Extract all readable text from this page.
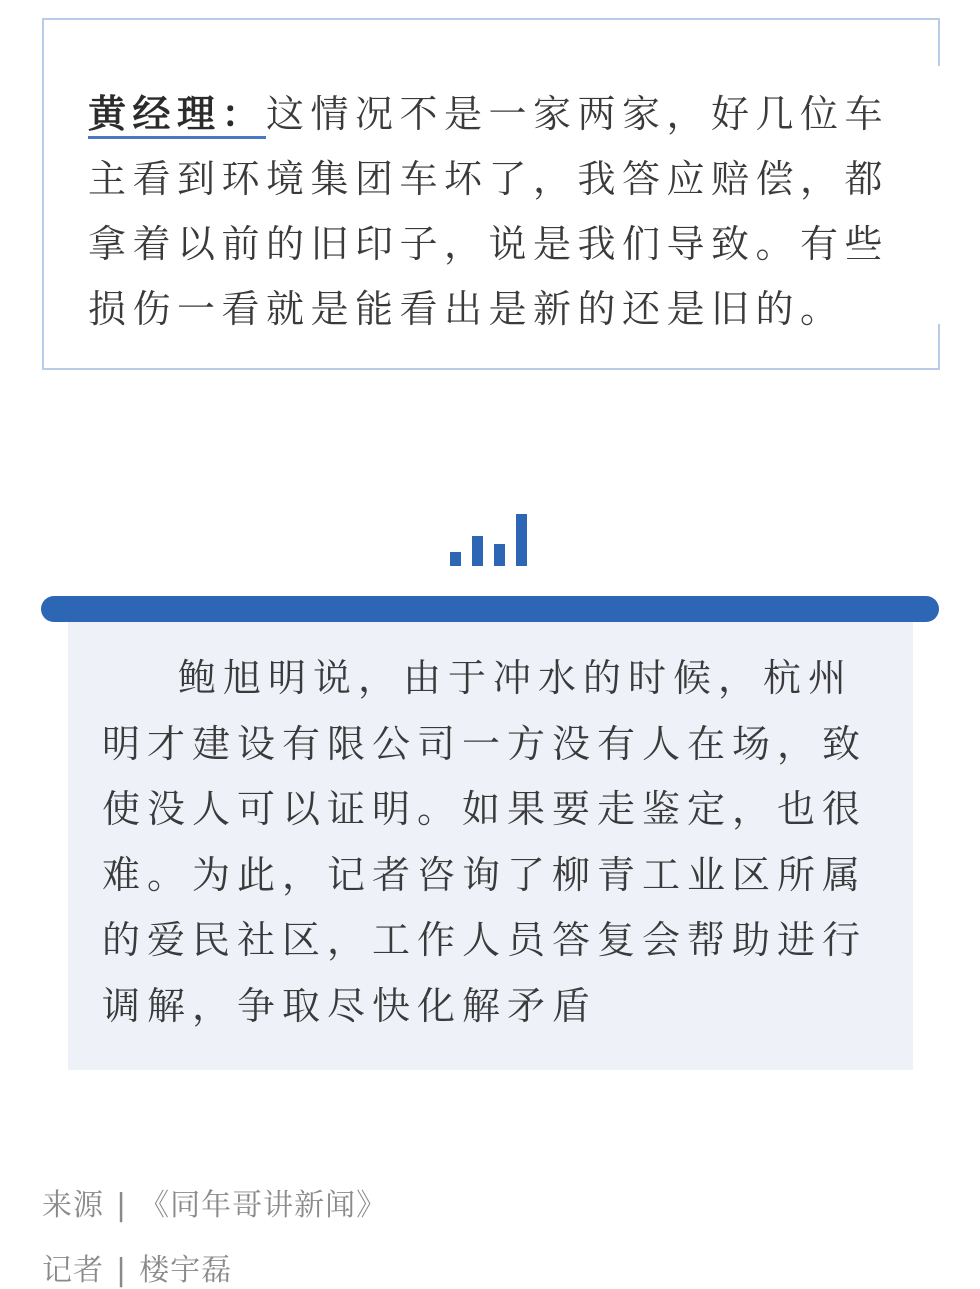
黄经理：这情况不是一家两家，好几位车主看到环境集团车坏了，我答应赔偿，都拿着以前的旧印子，说是我们导致。有些损伤一看就是能看出是新的还是旧的。

鲍旭明说，由于冲水的时候，杭州明才建设有限公司一方没有人在场，致使没人可以证明。如果要走鉴定，也很难。为此，记者咨询了柳青工业区所属的爱民社区，工作人员答复会帮助进行调解，争取尽快化解矛盾

来源 | 《同年哥讲新闻》
记者 | 楼宇磊
